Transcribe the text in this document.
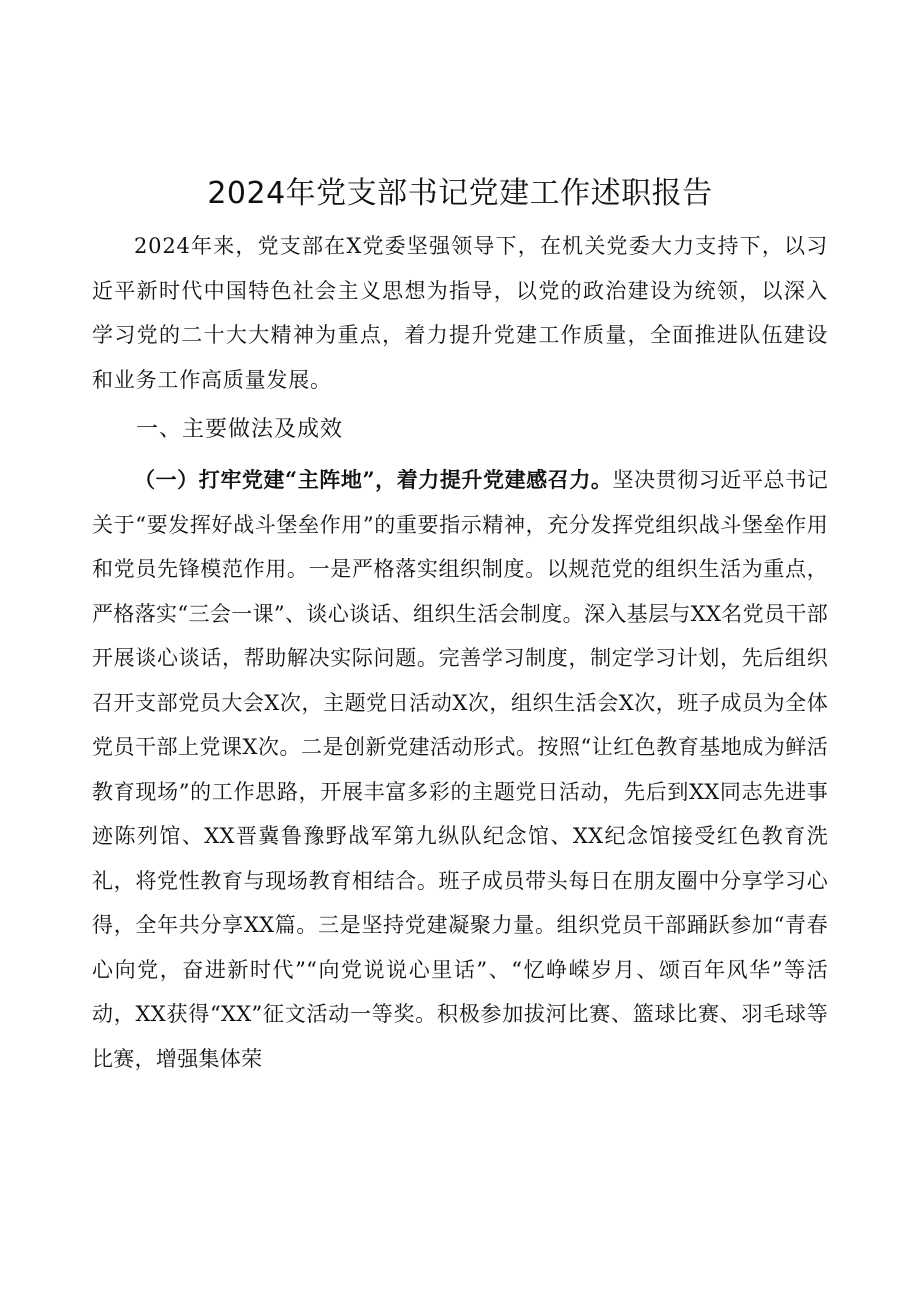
2024年党支部书记党建工作述职报告

2024年来，党支部在X党委坚强领导下，在机关党委大力支持下，以习近平新时代中国特色社会主义思想为指导，以党的政治建设为统领，以深入学习党的二十大大精神为重点，着力提升党建工作质量，全面推进队伍建设和业务工作高质量发展。

一、主要做法及成效

（一）打牢党建“主阵地”，着力提升党建感召力。坚决贯彻习近平总书记关于“要发挥好战斗堡垒作用”的重要指示精神，充分发挥党组织战斗堡垒作用和党员先锋模范作用。一是严格落实组织制度。以规范党的组织生活为重点，严格落实“三会一课”、谈心谈话、组织生活会制度。深入基层与XX名党员干部开展谈心谈话，帮助解决实际问题。完善学习制度，制定学习计划，先后组织召开支部党员大会X次，主题党日活动X次，组织生活会X次，班子成员为全体党员干部上党课X次。二是创新党建活动形式。按照“让红色教育基地成为鲜活教育现场”的工作思路，开展丰富多彩的主题党日活动，先后到XX同志先进事迹陈列馆、XX晋冀鲁豫野战军第九纵队纪念馆、XX纪念馆接受红色教育洗礼，将党性教育与现场教育相结合。班子成员带头每日在朋友圈中分享学习心得，全年共分享XX篇。三是坚持党建凝聚力量。组织党员干部踊跃参加“青春心向党，奋进新时代”“向党说说心里话”、“忆峥嵘岁月、颂百年风华”等活动，XX获得“XX”征文活动一等奖。积极参加拔河比赛、篮球比赛、羽毛球等比赛，增强集体荣
